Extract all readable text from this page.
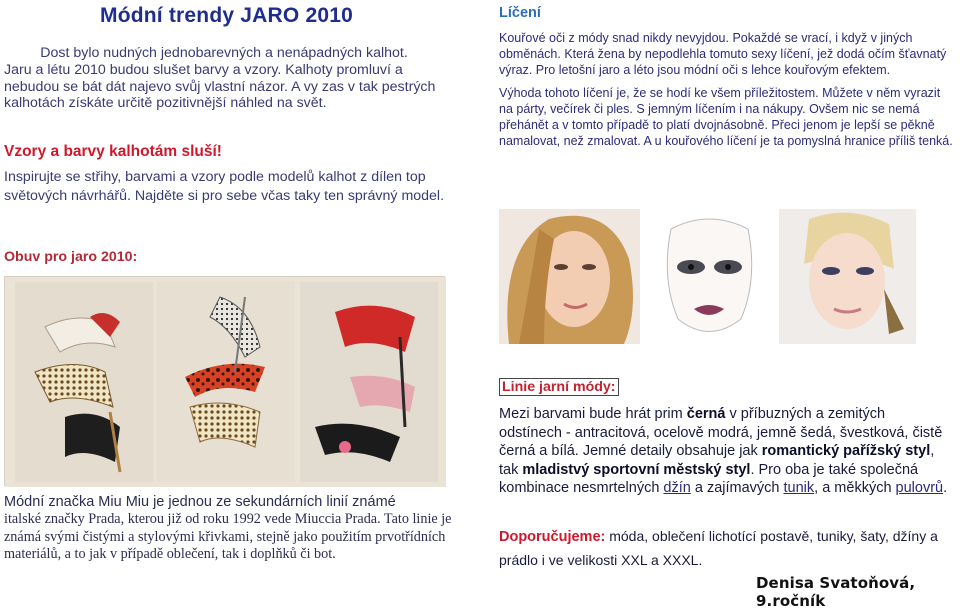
Módní trendy JARO 2010
Dost bylo nudných jednobarevných a nenápadných kalhot.
Jaru a létu 2010 budou slušet barvy a vzory. Kalhoty promluví a nebudou se bát dát najevo svůj vlastní názor. A vy zas v tak pestrých kalhotách získáte určitě pozitivnější náhled na svět.
Vzory a barvy kalhotám sluší!
Inspirujte se střihy, barvami a vzory podle modelů kalhot z dílen top světových návrhářů. Najděte si pro sebe včas taky ten správný model.
Obuv pro jaro 2010:
Módní značka Miu Miu je jednou ze sekundárních linií známé
italské značky Prada, kterou již od roku 1992 vede Miuccia Prada. Tato linie je známá svými čistými a stylovými křivkami, stejně jako použitím prvotřídních materiálů, a to jak v případě oblečení, tak i doplňků či bot.
Líčení

Kouřové oči z módy snad nikdy nevyjdou. Pokaždé se vrací, i když v jiných obměnách. Která žena by nepodlehla tomuto sexy líčení, jež dodá očím šťavnatý výraz. Pro letošní jaro a léto jsou módní oči s lehce kouřovým efektem.

Výhoda tohoto líčení je, že se hodí ke všem příležitostem. Můžete v něm vyrazit na párty, večírek či ples. S jemným líčením i na nákupy. Ovšem nic se nemá přehánět a v tomto případě to platí dvojnásobně. Přeci jenom je lepší se pěkně namalovat, než zmalovat. A u kouřového líčení je ta pomyslná hranice příliš tenká.

Linie jarní módy:
Mezi barvami bude hrát prim černá v příbuzných a zemitých odstínech - antracitová, ocelově modrá, jemně šedá, švestková, čistě černá a bílá. Jemné detaily obsahuje jak romantický pařížský styl, tak mladistvý sportovní městský styl. Pro oba je také společná kombinace nesmrtelných džín a zajímavých tunik, a měkkých pulovrů.
Doporučujeme: móda, oblečení lichotící postavě, tuniky, šaty, džíny a prádlo i ve velikosti XXL a XXXL.
Denisa Svatoňová, 9.ročník
